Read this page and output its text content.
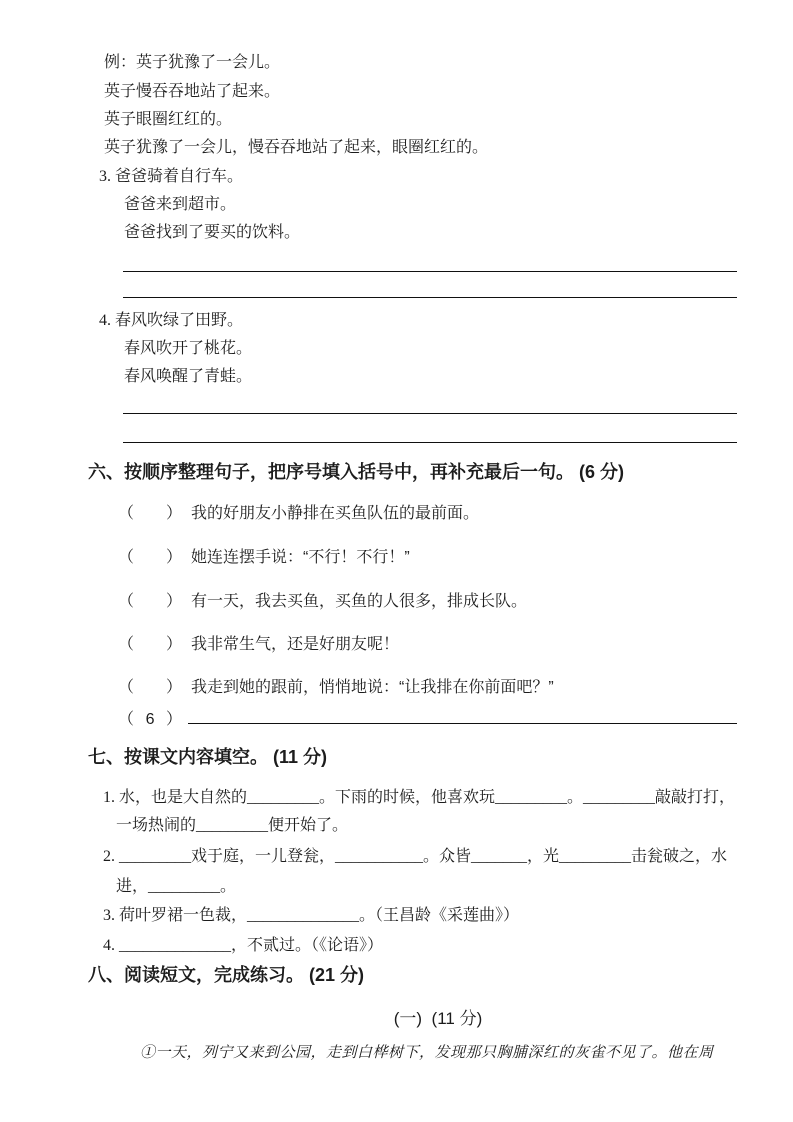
例：英子犹豫了一会儿。
英子慢吞吞地站了起来。
英子眼圈红红的。
英子犹豫了一会儿，慢吞吞地站了起来，眼圈红红的。
3. 爸爸骑着自行车。
爸爸来到超市。
爸爸找到了要买的饮料。
4. 春风吹绿了田野。
春风吹开了桃花。
春风唤醒了青蛙。
六、按顺序整理句子，把序号填入括号中，再补充最后一句。 (6 分)
（ ） 我的好朋友小静排在买鱼队伍的最前面。
（ ） 她连连摆手说：“不行！不行！”
（ ） 有一天，我去买鱼，买鱼的人很多，排成长队。
（ ） 我非常生气，还是好朋友呢！
（ ） 我走到她的跟前，悄悄地说：“让我排在你前面吧？”
（ 6 ）
七、按课文内容填空。 (11 分)
1. 水，也是大自然的_________。下雨的时候，他喜欢玩_________。_________敲敲打打，
一场热闹的_________便开始了。
2. _________戏于庭，一儿登瓮，___________。众皆_______，光_________击瓮破之，水
进，_________。
3. 荷叶罗裙一色裁，______________。（王昌龄《采莲曲》）
4. ______________，不贰过。（《论语》）
八、阅读短文，完成练习。 (21 分)
(一)  (11 分)
①一天，列宁又来到公园，走到白桦树下，发现那只胸脯深红的灰雀不见了。他在周
